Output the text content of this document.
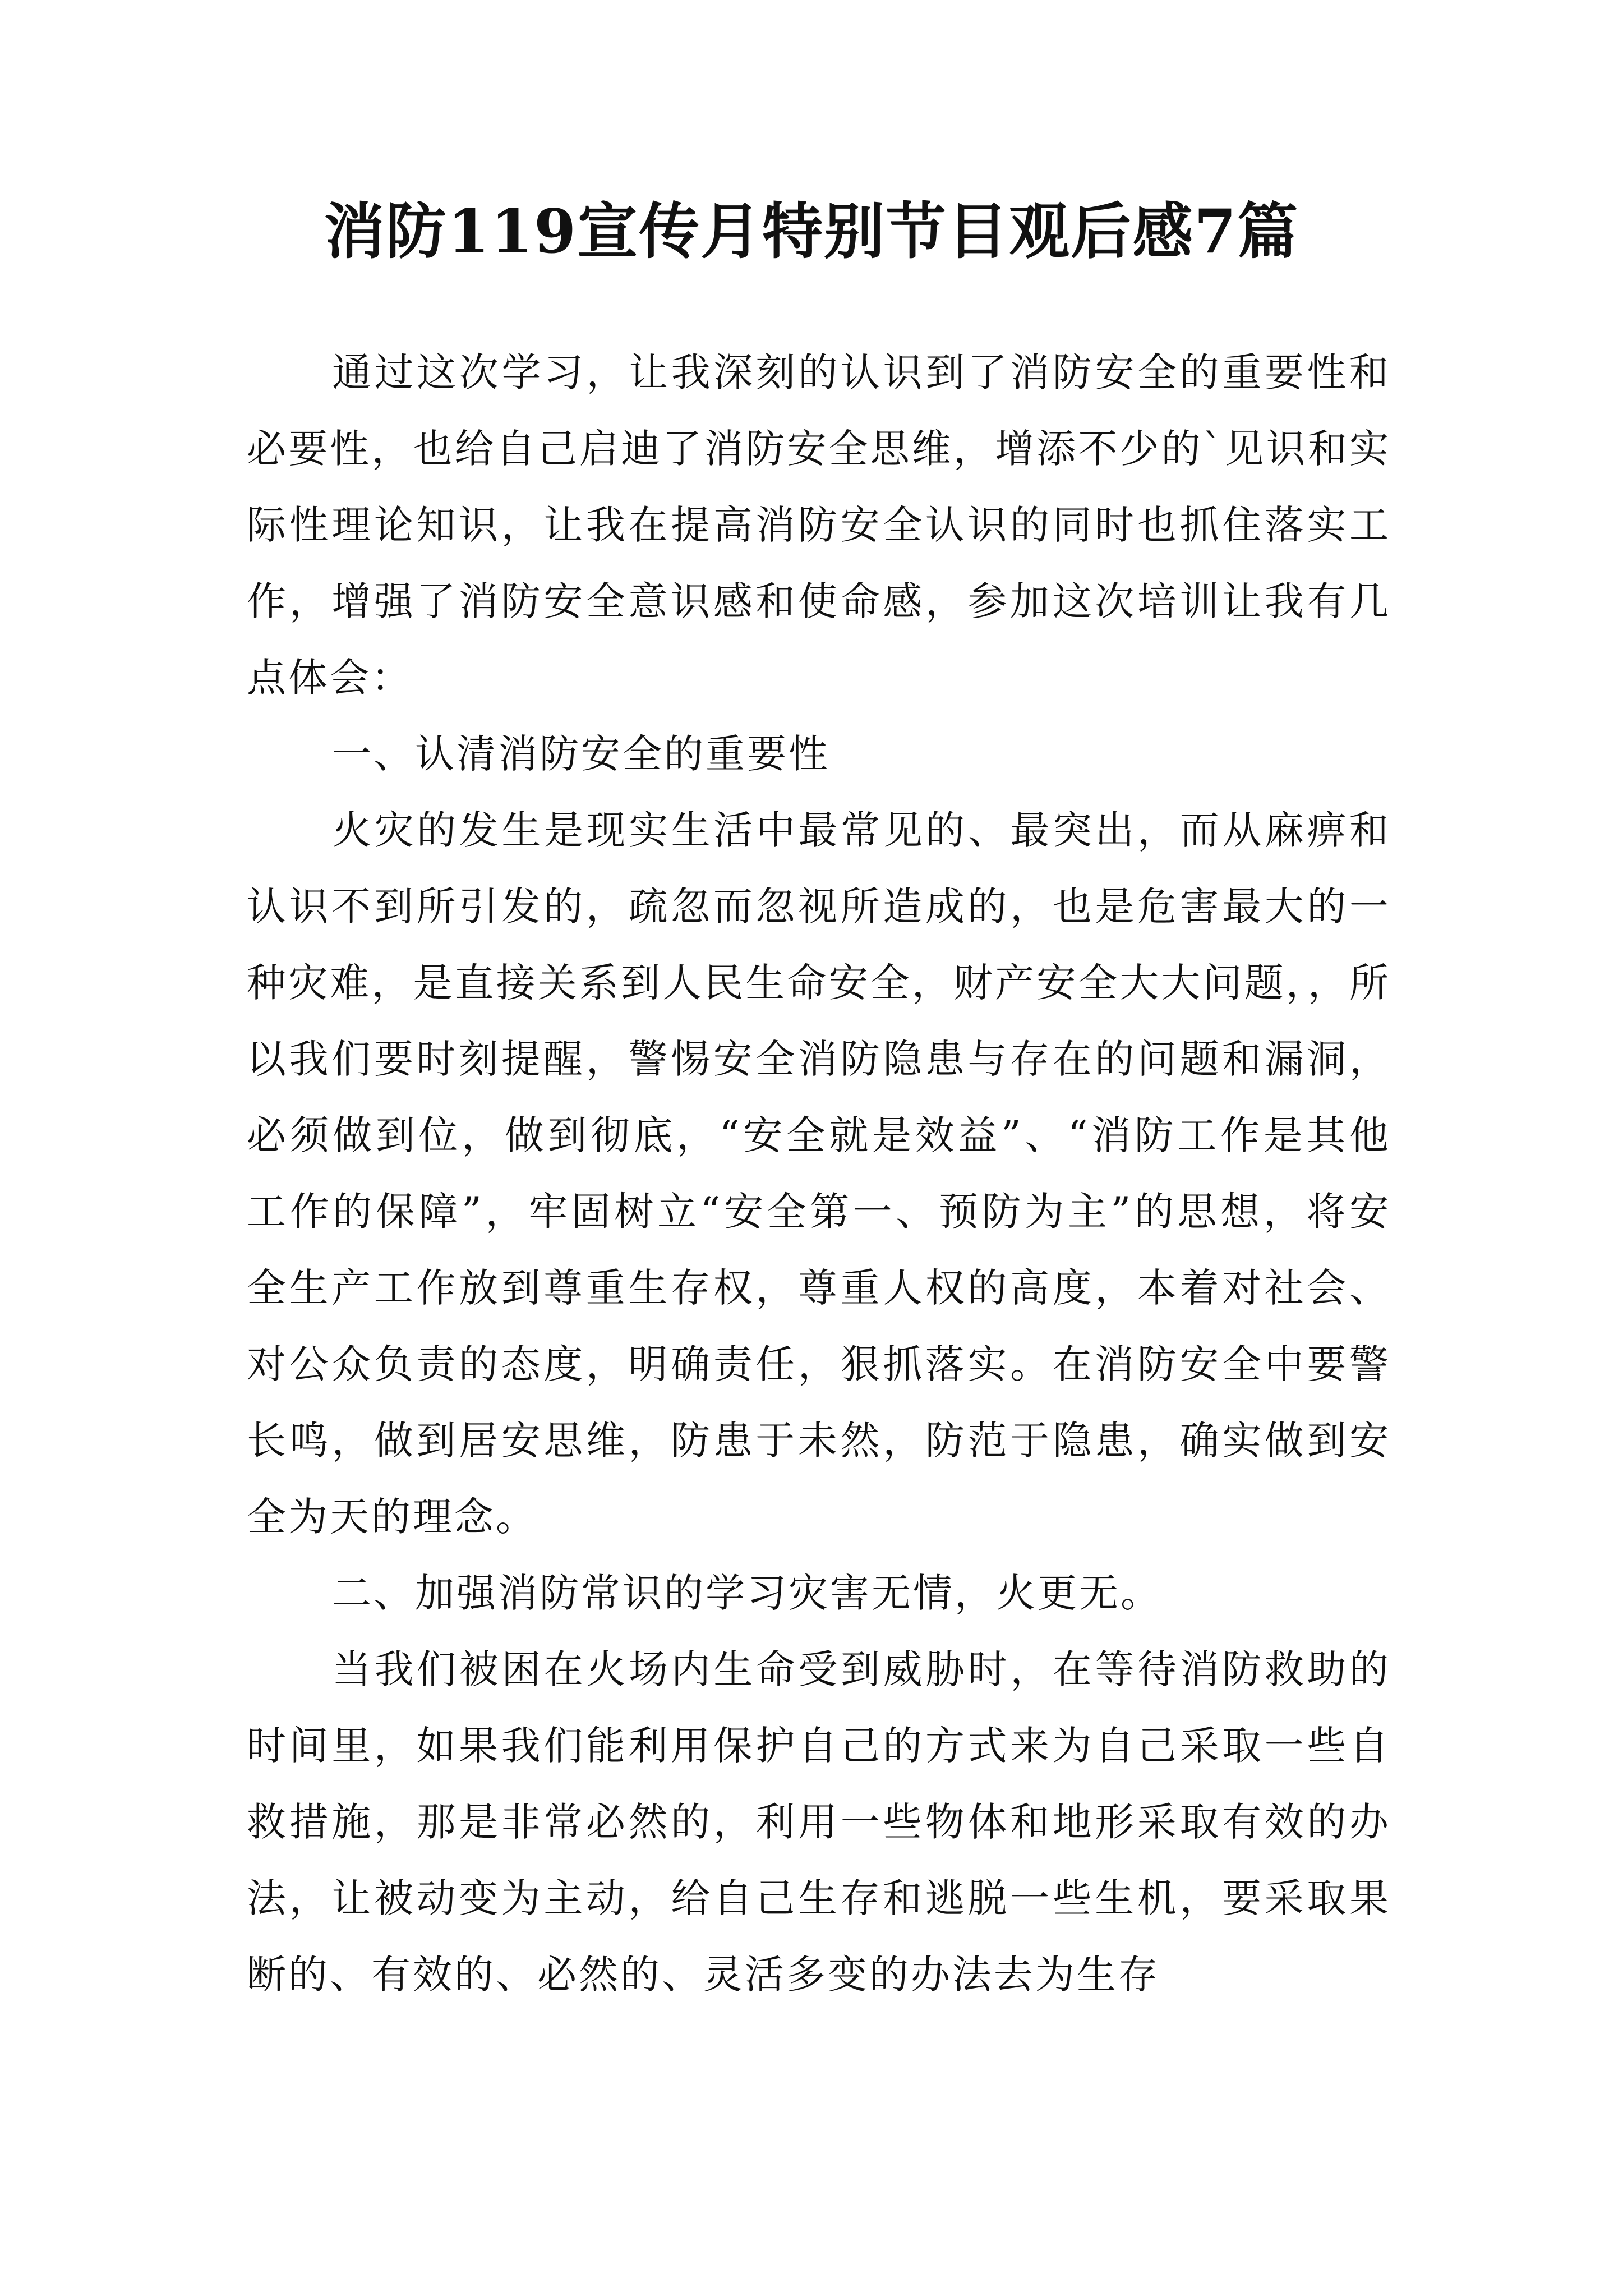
消防119宣传月特别节目观后感7篇

通过这次学习，让我深刻的认识到了消防安全的重要性和必要性，也给自己启迪了消防安全思维，增添不少的`见识和实际性理论知识，让我在提高消防安全认识的同时也抓住落实工作，增强了消防安全意识感和使命感，参加这次培训让我有几点体会：

一、认清消防安全的重要性

火灾的发生是现实生活中最常见的、最突出，而从麻痹和认识不到所引发的，疏忽而忽视所造成的，也是危害最大的一种灾难，是直接关系到人民生命安全，财产安全大大问题，，所以我们要时刻提醒，警惕安全消防隐患与存在的问题和漏洞，必须做到位，做到彻底，“安全就是效益”、“消防工作是其他工作的保障”，牢固树立“安全第一、预防为主”的思想，将安全生产工作放到尊重生存权，尊重人权的高度，本着对社会、对公众负责的态度，明确责任，狠抓落实。在消防安全中要警长鸣，做到居安思维，防患于未然，防范于隐患，确实做到安全为天的理念。

二、加强消防常识的学习灾害无情，火更无。

当我们被困在火场内生命受到威胁时，在等待消防救助的时间里，如果我们能利用保护自己的方式来为自己采取一些自救措施，那是非常必然的，利用一些物体和地形采取有效的办法，让被动变为主动，给自己生存和逃脱一些生机，要采取果断的、有效的、必然的、灵活多变的办法去为生存
